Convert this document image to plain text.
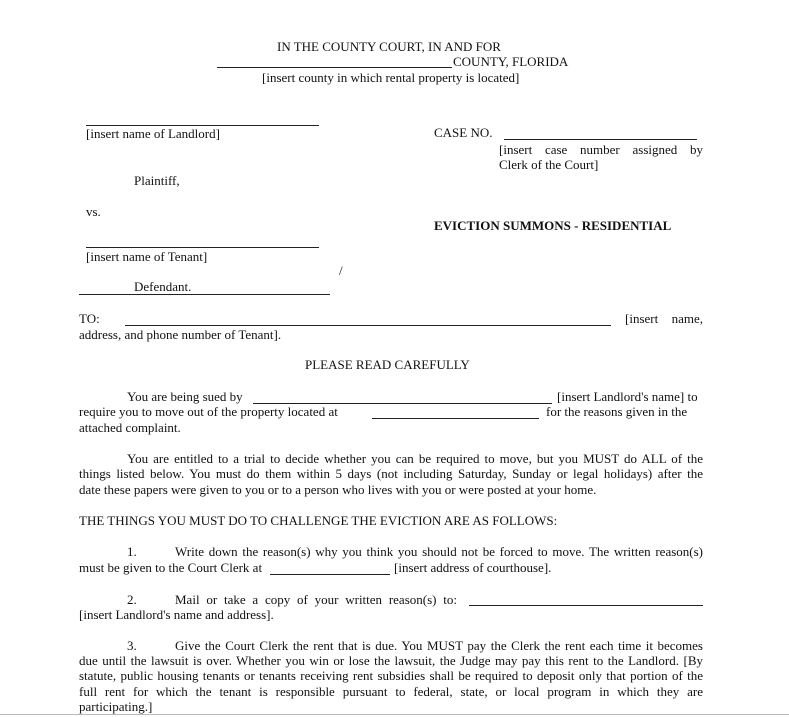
IN THE COUNTY COURT, IN AND FOR
COUNTY, FLORIDA
[insert county in which rental property is located]
[insert name of Landlord]
Plaintiff,
vs.
[insert name of Tenant]
/
Defendant.
CASE NO.
[insert case number assigned by
Clerk of the Court]
EVICTION SUMMONS - RESIDENTIAL
TO:	[insert name,
address, and phone number of Tenant].
PLEASE READ CAREFULLY
You are being sued by	[insert Landlord's name] to
require you to move out of the property located at	for the reasons given in the
attached complaint.
You are entitled to a trial to decide whether you can be required to move, but you MUST do ALL of the
things listed below. You must do them within 5 days (not including Saturday, Sunday or legal holidays) after the
date these papers were given to you or to a person who lives with you or were posted at your home.
THE THINGS YOU MUST DO TO CHALLENGE THE EVICTION ARE AS FOLLOWS:
1.	Write down the reason(s) why you think you should not be forced to move. The written reason(s)
must be given to the Court Clerk at	[insert address of courthouse].
2.	Mail or take a copy of your written reason(s) to:
[insert Landlord's name and address].
3.	Give the Court Clerk the rent that is due. You MUST pay the Clerk the rent each time it becomes
due until the lawsuit is over. Whether you win or lose the lawsuit, the Judge may pay this rent to the Landlord. [By
statute, public housing tenants or tenants receiving rent subsidies shall be required to deposit only that portion of the
full rent for which the tenant is responsible pursuant to federal, state, or local program in which they are
participating.]
